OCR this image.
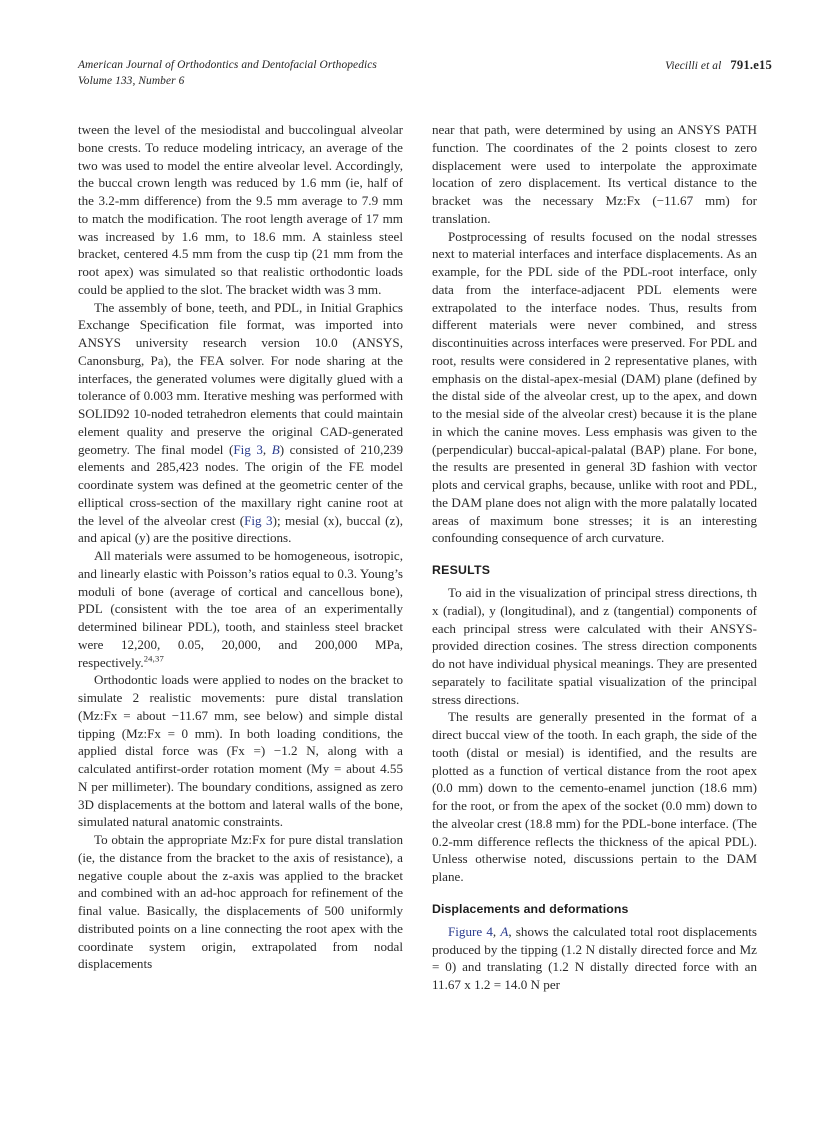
American Journal of Orthodontics and Dentofacial Orthopedics
Volume 133, Number 6
Viecilli et al 791.e15

tween the level of the mesiodistal and buccolingual alveolar bone crests. To reduce modeling intricacy, an average of the two was used to model the entire alveolar level. Accordingly, the buccal crown length was reduced by 1.6 mm (ie, half of the 3.2-mm difference) from the 9.5 mm average to 7.9 mm to match the modification. The root length average of 17 mm was increased by 1.6 mm, to 18.6 mm. A stainless steel bracket, centered 4.5 mm from the cusp tip (21 mm from the root apex) was simulated so that realistic orthodontic loads could be applied to the slot. The bracket width was 3 mm.

The assembly of bone, teeth, and PDL, in Initial Graphics Exchange Specification file format, was imported into ANSYS university research version 10.0 (ANSYS, Canonsburg, Pa), the FEA solver. For node sharing at the interfaces, the generated volumes were digitally glued with a tolerance of 0.003 mm. Iterative meshing was performed with SOLID92 10-noded tetrahedron elements that could maintain element quality and preserve the original CAD-generated geometry. The final model (Fig 3, B) consisted of 210,239 elements and 285,423 nodes. The origin of the FE model coordinate system was defined at the geometric center of the elliptical cross-section of the maxillary right canine root at the level of the alveolar crest (Fig 3); mesial (x), buccal (z), and apical (y) are the positive directions.

All materials were assumed to be homogeneous, isotropic, and linearly elastic with Poisson’s ratios equal to 0.3. Young’s moduli of bone (average of cortical and cancellous bone), PDL (consistent with the toe area of an experimentally determined bilinear PDL), tooth, and stainless steel bracket were 12,200, 0.05, 20,000, and 200,000 MPa, respectively.$^{24,37}$

Orthodontic loads were applied to nodes on the bracket to simulate 2 realistic movements: pure distal translation (Mz:Fx = about −11.67 mm, see below) and simple distal tipping (Mz:Fx = 0 mm). In both loading conditions, the applied distal force was (Fx =) −1.2 N, along with a calculated antifirst-order rotation moment (My = about 4.55 N per millimeter). The boundary conditions, assigned as zero 3D displacements at the bottom and lateral walls of the bone, simulated natural anatomic constraints.

To obtain the appropriate Mz:Fx for pure distal translation (ie, the distance from the bracket to the axis of resistance), a negative couple about the z-axis was applied to the bracket and combined with an ad-hoc approach for refinement of the final value. Basically, the displacements of 500 uniformly distributed points on a line connecting the root apex with the coordinate system origin, extrapolated from nodal displacements

near that path, were determined by using an ANSYS PATH function. The coordinates of the 2 points closest to zero displacement were used to interpolate the approximate location of zero displacement. Its vertical distance to the bracket was the necessary Mz:Fx (−11.67 mm) for translation.

Postprocessing of results focused on the nodal stresses next to material interfaces and interface displacements. As an example, for the PDL side of the PDL-root interface, only data from the interface-adjacent PDL elements were extrapolated to the interface nodes. Thus, results from different materials were never combined, and stress discontinuities across interfaces were preserved. For PDL and root, results were considered in 2 representative planes, with emphasis on the distal-apex-mesial (DAM) plane (defined by the distal side of the alveolar crest, up to the apex, and down to the mesial side of the alveolar crest) because it is the plane in which the canine moves. Less emphasis was given to the (perpendicular) buccal-apical-palatal (BAP) plane. For bone, the results are presented in general 3D fashion with vector plots and cervical graphs, because, unlike with root and PDL, the DAM plane does not align with the more palatally located areas of maximum bone stresses; it is an interesting confounding consequence of arch curvature.

RESULTS

To aid in the visualization of principal stress directions, th x (radial), y (longitudinal), and z (tangential) components of each principal stress were calculated with their ANSYS-provided direction cosines. The stress direction components do not have individual physical meanings. They are presented separately to facilitate spatial visualization of the principal stress directions.

The results are generally presented in the format of a direct buccal view of the tooth. In each graph, the side of the tooth (distal or mesial) is identified, and the results are plotted as a function of vertical distance from the root apex (0.0 mm) down to the cemento-enamel junction (18.6 mm) for the root, or from the apex of the socket (0.0 mm) down to the alveolar crest (18.8 mm) for the PDL-bone interface. (The 0.2-mm difference reflects the thickness of the apical PDL). Unless otherwise noted, discussions pertain to the DAM plane.

Displacements and deformations

Figure 4, A, shows the calculated total root displacements produced by the tipping (1.2 N distally directed force and Mz = 0) and translating (1.2 N distally directed force with an 11.67 x 1.2 = 14.0 N per
